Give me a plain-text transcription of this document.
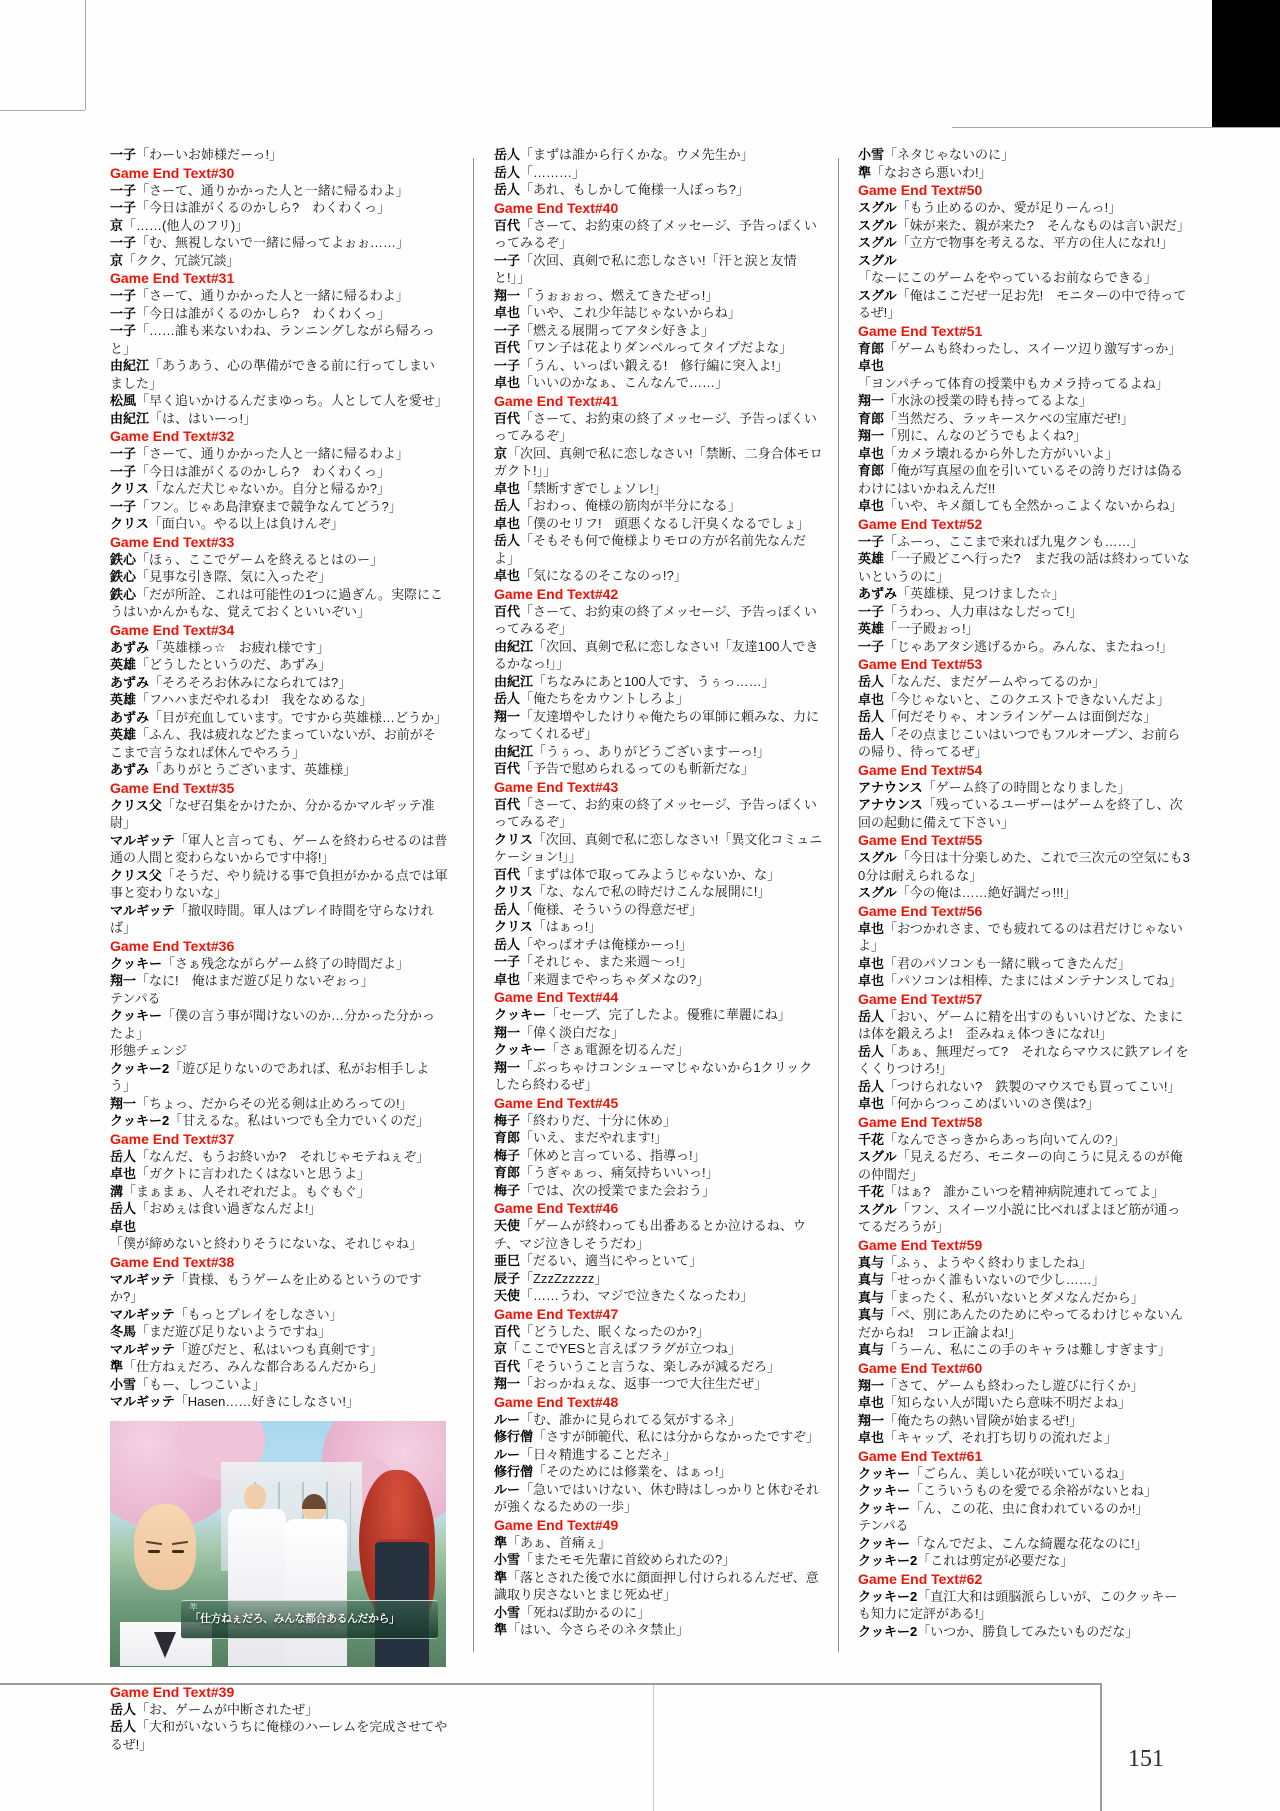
151

一子「わーいお姉様だーっ!」

Game End Text#30

一子「さーて、通りかかった人と一緒に帰るわよ」

一子「今日は誰がくるのかしら?　わくわくっ」

京「……(他人のフリ)」

一子「む、無視しないで一緒に帰ってよぉぉ……」

京「クク、冗談冗談」

Game End Text#31

一子「さーて、通りかかった人と一緒に帰るわよ」

一子「今日は誰がくるのかしら?　わくわくっ」

一子「……誰も来ないわね、ランニングしながら帰ろっと」

由紀江「あうあう、心の準備ができる前に行ってしまいました」

松風「早く追いかけるんだまゆっち。人として人を愛せ」

由紀江「は、はいーっ!」

Game End Text#32

一子「さーて、通りかかった人と一緒に帰るわよ」

一子「今日は誰がくるのかしら?　わくわくっ」

クリス「なんだ犬じゃないか。自分と帰るか?」

一子「フン。じゃあ島津寮まで競争なんてどう?」

クリス「面白い。やる以上は負けんぞ」

Game End Text#33

鉄心「ほぅ、ここでゲームを終えるとはのー」

鉄心「見事な引き際、気に入ったぞ」

鉄心「だが所詮、これは可能性の1つに過ぎん。実際にこうはいかんかもな、覚えておくといいぞい」

Game End Text#34

あずみ「英雄様っ☆　お疲れ様です」

英雄「どうしたというのだ、あずみ」

あずみ「そろそろお休みになられては?」

英雄「フハハまだやれるわ!　我をなめるな」

あずみ「目が充血しています。ですから英雄様…どうか」

英雄「ふん、我は疲れなどたまっていないが、お前がそこまで言うなれば休んでやろう」

あずみ「ありがとうございます、英雄様」

Game End Text#35

クリス父「なぜ召集をかけたか、分かるかマルギッテ准尉」

マルギッテ「軍人と言っても、ゲームを終わらせるのは普通の人間と変わらないからです中将!」

クリス父「そうだ、やり続ける事で負担がかかる点では軍事と変わりないな」

マルギッテ「撤収時間。軍人はプレイ時間を守らなければ」

Game End Text#36

クッキー「さぁ残念ながらゲーム終了の時間だよ」

翔一「なに!　俺はまだ遊び足りないぞぉっ」

テンパる

クッキー「僕の言う事が聞けないのか…分かった分かったよ」

形態チェンジ

クッキー2「遊び足りないのであれば、私がお相手しよう」

翔一「ちょっ、だからその光る剣は止めろっての!」

クッキー2「甘えるな。私はいつでも全力でいくのだ」

Game End Text#37

岳人「なんだ、もうお終いか?　それじゃモテねぇぞ」

卓也「ガクトに言われたくはないと思うよ」

溝「まぁまぁ、人それぞれだよ。もぐもぐ」

岳人「おめぇは食い過ぎなんだよ!」

卓也「僕が締めないと終わりそうにないな、それじゃね」

Game End Text#38

マルギッテ「貴様、もうゲームを止めるというのですか?」

マルギッテ「もっとプレイをしなさい」

冬馬「まだ遊び足りないようですね」

マルギッテ「遊びだと、私はいつも真剣です」

準「仕方ねぇだろ、みんな都合あるんだから」

小雪「もー、しつこいよ」

マルギッテ「Hasen……好きにしなさい!」

準
「仕方ねぇだろ、みんな都合あるんだから」

Game End Text#39

岳人「お、ゲームが中断されたぜ」

岳人「大和がいないうちに俺様のハーレムを完成させてやるぜ!」

岳人「まずは誰から行くかな。ウメ先生か」

岳人「………」

岳人「あれ、もしかして俺様一人ぼっち?」

Game End Text#40

百代「さーて、お約束の終了メッセージ、予告っぽくいってみるぞ」

一子「次回、真剣で私に恋しなさい!「汗と涙と友情と!」」

翔一「うぉぉぉっ、燃えてきたぜっ!」

卓也「いや、これ少年誌じゃないからね」

一子「燃える展開ってアタシ好きよ」

百代「ワン子は花よりダンベルってタイプだよな」

一子「うん、いっぱい鍛える!　修行編に突入よ!」

卓也「いいのかなぁ、こんなんで……」

Game End Text#41

百代「さーて、お約束の終了メッセージ、予告っぽくいってみるぞ」

京「次回、真剣で私に恋しなさい!「禁断、二身合体モロガクト!」」

卓也「禁断すぎでしょソレ!」

岳人「おわっ、俺様の筋肉が半分になる」

卓也「僕のセリフ!　頭悪くなるし汗臭くなるでしょ」

岳人「そもそも何で俺様よりモロの方が名前先なんだよ」

卓也「気になるのそこなのっ!?」

Game End Text#42

百代「さーて、お約束の終了メッセージ、予告っぽくいってみるぞ」

由紀江「次回、真剣で私に恋しなさい!「友達100人できるかなっ!」」

由紀江「ちなみにあと100人です、うぅっ……」

岳人「俺たちをカウントしろよ」

翔一「友達増やしたけりゃ俺たちの軍師に頼みな、力になってくれるぜ」

由紀江「うぅっ、ありがどうございますーっ!」

百代「予告で慰められるってのも斬新だな」

Game End Text#43

百代「さーて、お約束の終了メッセージ、予告っぽくいってみるぞ」

クリス「次回、真剣で私に恋しなさい!「異文化コミュニケーション!」」

百代「まずは体で取ってみようじゃないか、な」

クリス「な、なんで私の時だけこんな展開に!」

岳人「俺様、そういうの得意だぜ」

クリス「はぁっ!」

岳人「やっぱオチは俺様かーっ!」

一子「それじゃ、また来週〜っ!」

卓也「来週までやっちゃダメなの?」

Game End Text#44

クッキー「セーブ、完了したよ。優雅に華麗にね」

翔一「偉く淡白だな」

クッキー「さぁ電源を切るんだ」

翔一「ぶっちゃけコンシューマじゃないから1クリックしたら終わるぜ」

Game End Text#45

梅子「終わりだ、十分に休め」

育郎「いえ、まだやれます!」

梅子「休めと言っている、指導っ!」

育郎「うぎゃぁっ、痛気持ちいいっ!」

梅子「では、次の授業でまた会おう」

Game End Text#46

天使「ゲームが終わっても出番あるとか泣けるね、ウチ、マジ泣きしそうだわ」

亜巳「だるい、適当にやっといて」

辰子「ZzzZzzzzz」

天使「……うわ、マジで泣きたくなったわ」

Game End Text#47

百代「どうした、眠くなったのか?」

京「ここでYESと言えばフラグが立つね」

百代「そういうこと言うな、楽しみが減るだろ」

翔一「おっかねぇな、返事一つで大往生だぜ」

Game End Text#48

ルー「む、誰かに見られてる気がするネ」

修行僧「さすが師範代、私には分からなかったですぞ」

ルー「日々精進することだネ」

修行僧「そのためには修業を、はぁっ!」

ルー「急いではいけない、休む時はしっかりと休むそれが強くなるための一歩」

Game End Text#49

準「あぁ、首痛ぇ」

小雪「またモモ先輩に首絞められたの?」

準「落とされた後で水に顔面押し付けられるんだぜ、意識取り戻さないとまじ死ぬぜ」

小雪「死ねば助かるのに」

準「はい、今さらそのネタ禁止」

小雪「ネタじゃないのに」

準「なおさら悪いわ!」

Game End Text#50

スグル「もう止めるのか、愛が足りーんっ!」

スグル「妹が来た、親が来た?　そんなものは言い訳だ」

スグル「立方で物事を考えるな、平方の住人になれ!」

スグル「なーにこのゲームをやっているお前ならできる」

スグル「俺はここだぜ一足お先!　モニターの中で待ってるぜ!」

Game End Text#51

育郎「ゲームも終わったし、スイーツ辺り激写すっか」

卓也「ヨンパチって体育の授業中もカメラ持ってるよね」

翔一「水泳の授業の時も持ってるよな」

育郎「当然だろ、ラッキースケベの宝庫だぜ!」

翔一「別に、んなのどうでもよくね?」

卓也「カメラ壊れるから外した方がいいよ」

育郎「俺が写真屋の血を引いているその誇りだけは偽るわけにはいかねえんだ!!

卓也「いや、キメ顔しても全然かっこよくないからね」

Game End Text#52

一子「ふーっ、ここまで来れば九鬼クンも……」

英雄「一子殿どこへ行った?　まだ我の話は終わっていないというのに」

あずみ「英雄様、見つけました☆」

一子「うわっ、人力車はなしだって!」

英雄「一子殿ぉっ!」

一子「じゃあアタシ逃げるから。みんな、またねっ!」

Game End Text#53

岳人「なんだ、まだゲームやってるのか」

卓也「今じゃないと、このクエストできないんだよ」

岳人「何だそりゃ、オンラインゲームは面倒だな」

岳人「その点まじこいはいつでもフルオープン、お前らの帰り、待ってるぜ」

Game End Text#54

アナウンス「ゲーム終了の時間となりました」

アナウンス「残っているユーザーはゲームを終了し、次回の起動に備えて下さい」

Game End Text#55

スグル「今日は十分楽しめた、これで三次元の空気にも30分は耐えられるな」

スグル「今の俺は……絶好調だっ!!!」

Game End Text#56

卓也「おつかれさま、でも疲れてるのは君だけじゃないよ」

卓也「君のパソコンも一緒に戦ってきたんだ」

卓也「パソコンは相棒、たまにはメンテナンスしてね」

Game End Text#57

岳人「おい、ゲームに精を出すのもいいけどな、たまには体を鍛えろよ!　歪みねぇ体つきになれ!」

岳人「あぁ、無理だって?　それならマウスに鉄アレイをくくりつけろ!」

岳人「つけられない?　鉄製のマウスでも買ってこい!」

卓也「何からつっこめばいいのさ僕は?」

Game End Text#58

千花「なんでさっきからあっち向いてんの?」

スグル「見えるだろ、モニターの向こうに見えるのが俺の仲間だ」

千花「はぁ?　誰かこいつを精神病院連れてってよ」

スグル「フン、スイーツ小説に比べればよほど筋が通ってるだろうが」

Game End Text#59

真与「ふぅ、ようやく終わりましたね」

真与「せっかく誰もいないので少し……」

真与「まったく、私がいないとダメなんだから」

真与「べ、別にあんたのためにやってるわけじゃないんだからね!　コレ正論よね!」

真与「うーん、私にこの手のキャラは難しすぎます」

Game End Text#60

翔一「さて、ゲームも終わったし遊びに行くか」

卓也「知らない人が聞いたら意味不明だよね」

翔一「俺たちの熱い冒険が始まるぜ!」

卓也「キャップ、それ打ち切りの流れだよ」

Game End Text#61

クッキー「ごらん、美しい花が咲いているね」

クッキー「こういうものを愛でる余裕がないとね」

クッキー「ん、この花、虫に食われているのか!」

テンパる

クッキー「なんでだよ、こんな綺麗な花なのに!」

クッキー2「これは剪定が必要だな」

Game End Text#62

クッキー2「直江大和は頭脳派らしいが、このクッキーも知力に定評がある!」

クッキー2「いつか、勝負してみたいものだな」
